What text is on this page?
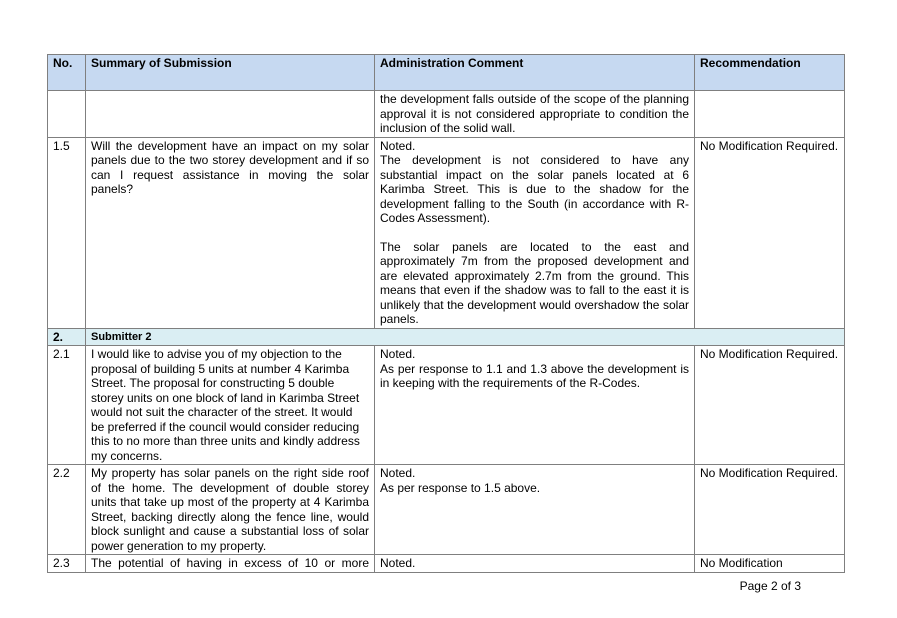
No.	Summary of Submission	Administration Comment	Recommendation
		the development falls outside of the scope of the planning approval it is not considered appropriate to condition the inclusion of the solid wall.	
1.5	Will the development have an impact on my solar panels due to the two storey development and if so can I request assistance in moving the solar panels?	Noted.

The development is not considered to have any substantial impact on the solar panels located at 6 Karimba Street. This is due to the shadow for the development falling to the South (in accordance with R-Codes Assessment).

The solar panels are located to the east and approximately 7m from the proposed development and are elevated approximately 2.7m from the ground. This means that even if the shadow was to fall to the east it is unlikely that the development would overshadow the solar panels.	No Modification Required.
2.	Submitter 2		
2.1	I would like to advise you of my objection to the proposal of building 5 units at number 4 Karimba Street. The proposal for constructing 5 double storey units on one block of land in Karimba Street would not suit the character of the street. It would be preferred if the council would consider reducing this to no more than three units and kindly address my concerns.	Noted.

As per response to 1.1 and 1.3 above the development is in keeping with the requirements of the R-Codes.	No Modification Required.
2.2	My property has solar panels on the right side roof of the home. The development of double storey units that take up most of the property at 4 Karimba Street, backing directly along the fence line, would block sunlight and cause a substantial loss of solar power generation to my property.	Noted.

As per response to 1.5 above.	No Modification Required.
2.3	The potential of having in excess of 10 or more	Noted.	No Modification
Page 2 of 3
